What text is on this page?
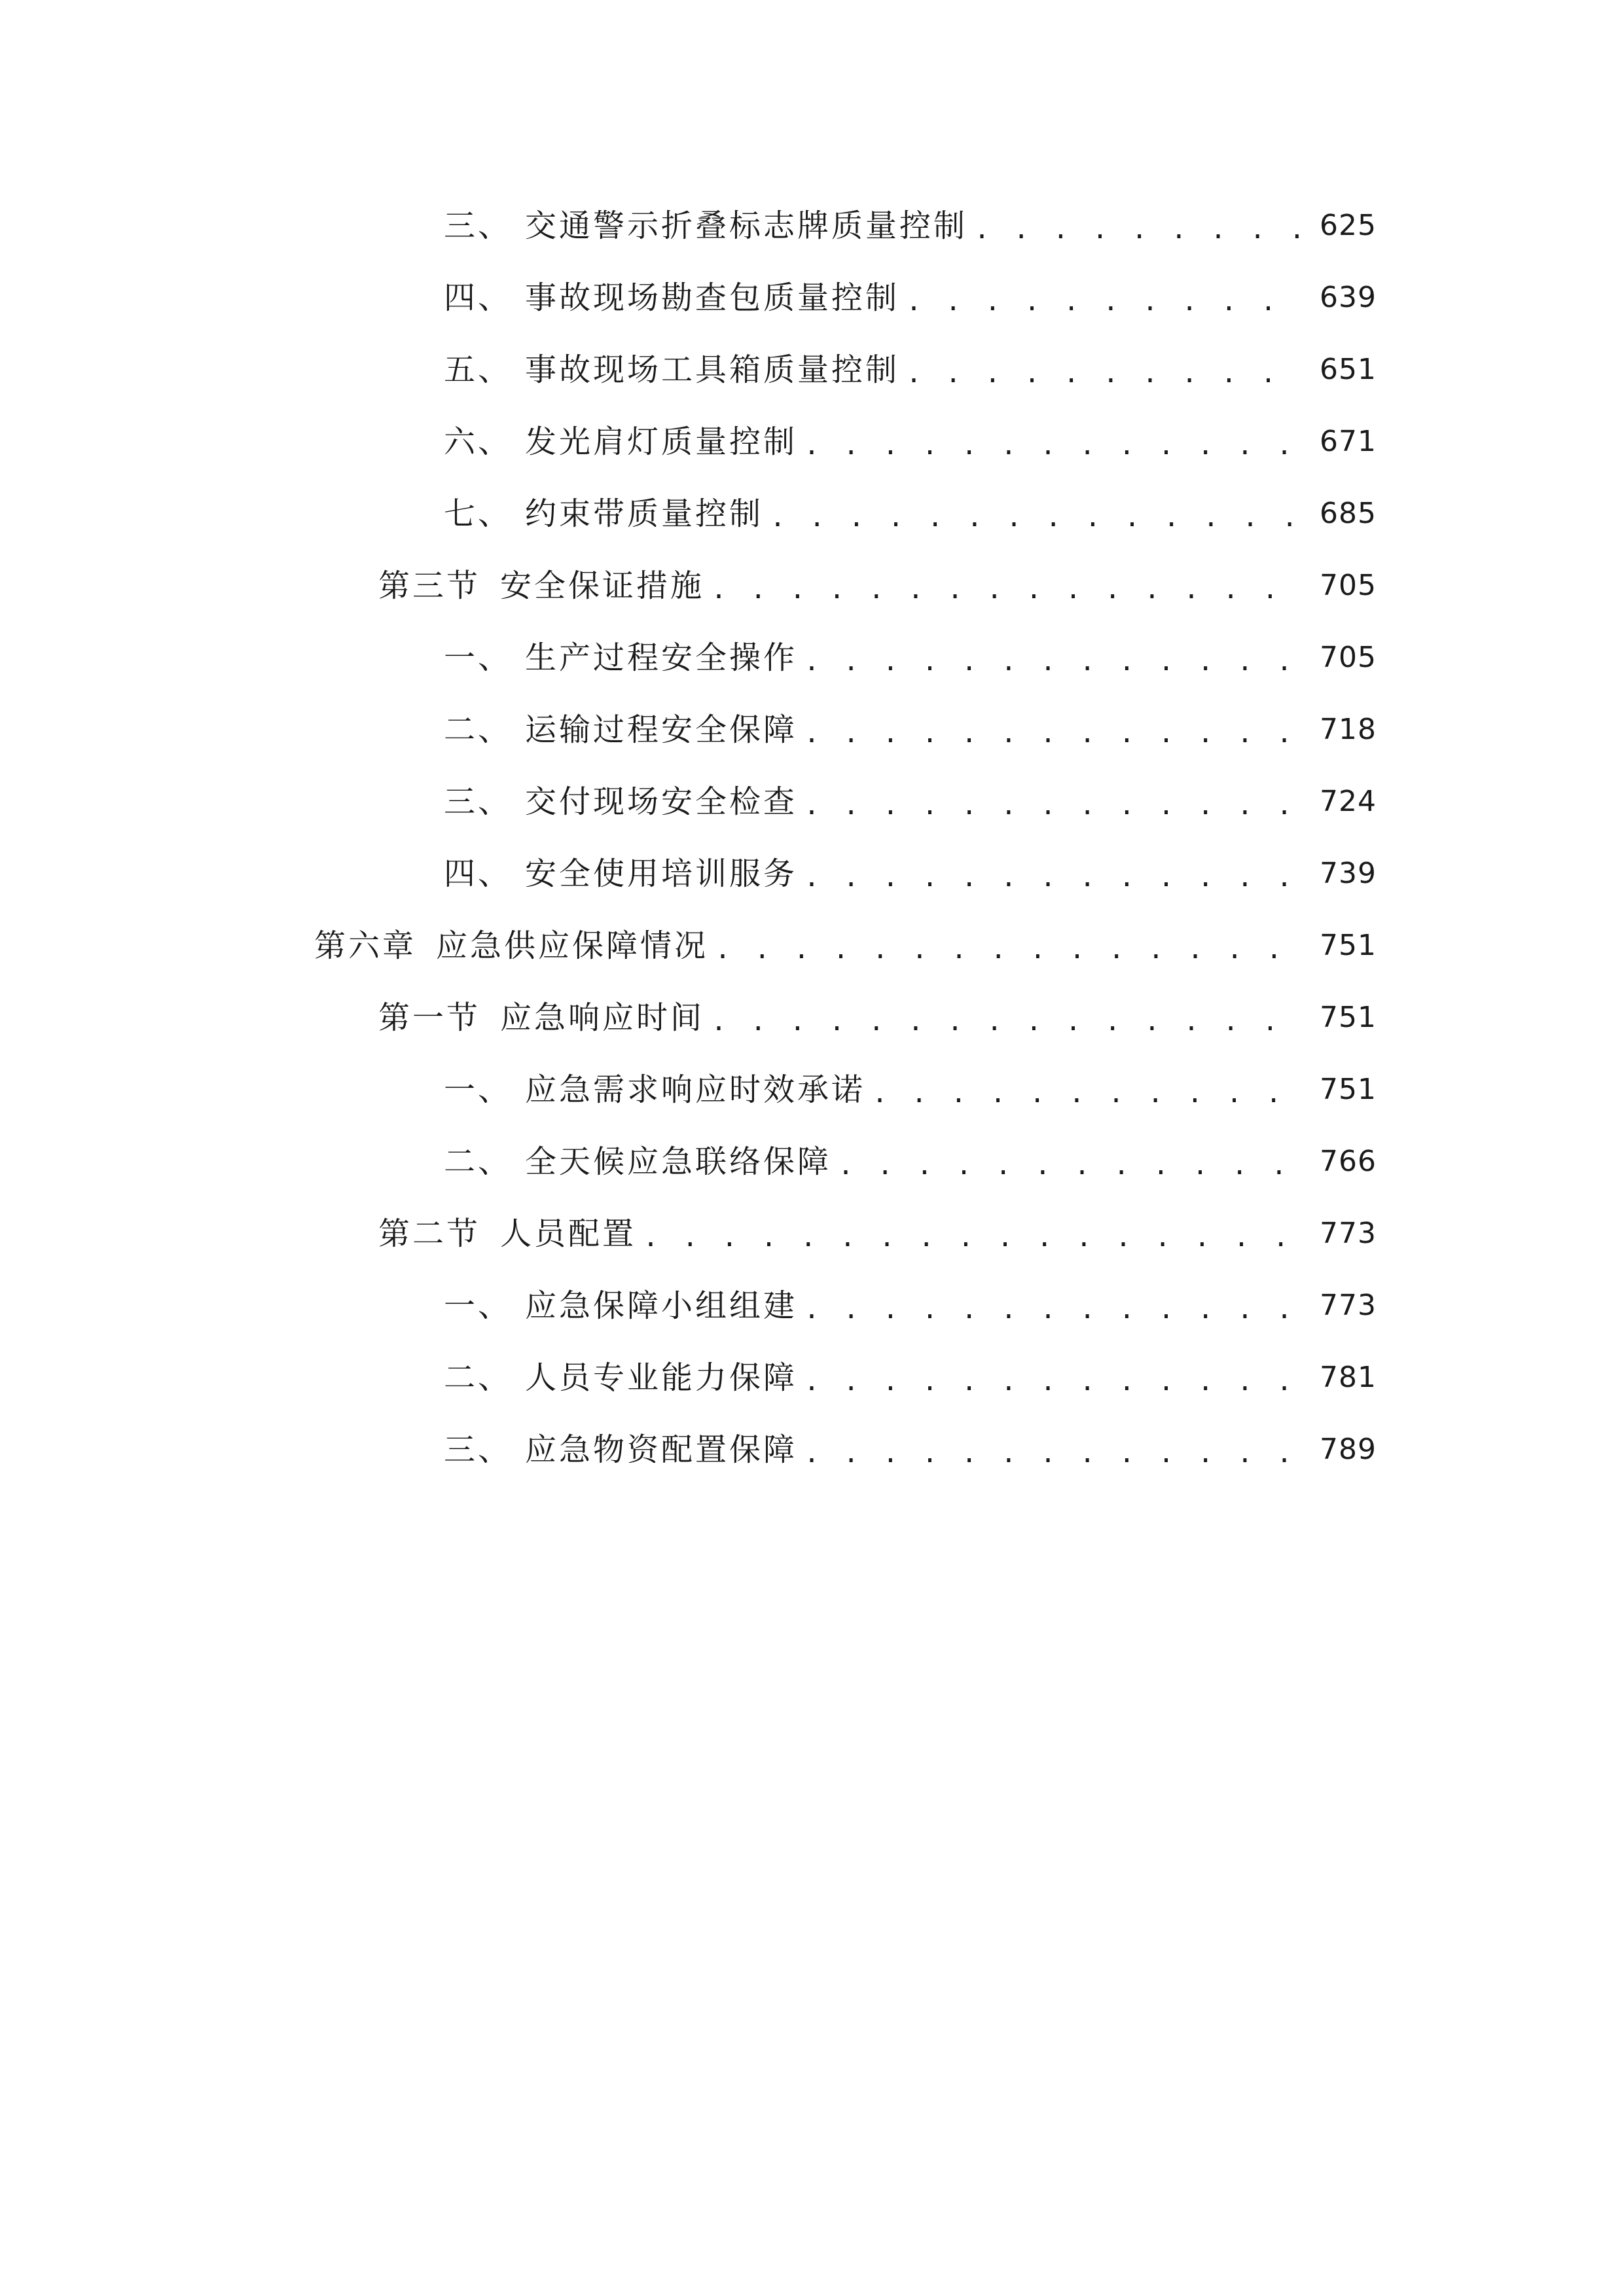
三、 交通警示折叠标志牌质量控制 . . .	625
四、 事故现场勘查包质量控制 . . .	639
五、 事故现场工具箱质量控制 . . .	651
六、 发光肩灯质量控制 . . .	671
七、 约束带质量控制 . . .	685
第三节 安全保证措施 . . .	705
一、 生产过程安全操作 . . .	705
二、 运输过程安全保障 . . .	718
三、 交付现场安全检查 . . .	724
四、 安全使用培训服务 . . .	739
第六章 应急供应保障情况 . . .	751
第一节 应急响应时间 . . .	751
一、 应急需求响应时效承诺 . . .	751
二、 全天候应急联络保障 . . .	766
第二节 人员配置 . . .	773
一、 应急保障小组组建 . . .	773
二、 人员专业能力保障 . . .	781
三、 应急物资配置保障 . . .	789
